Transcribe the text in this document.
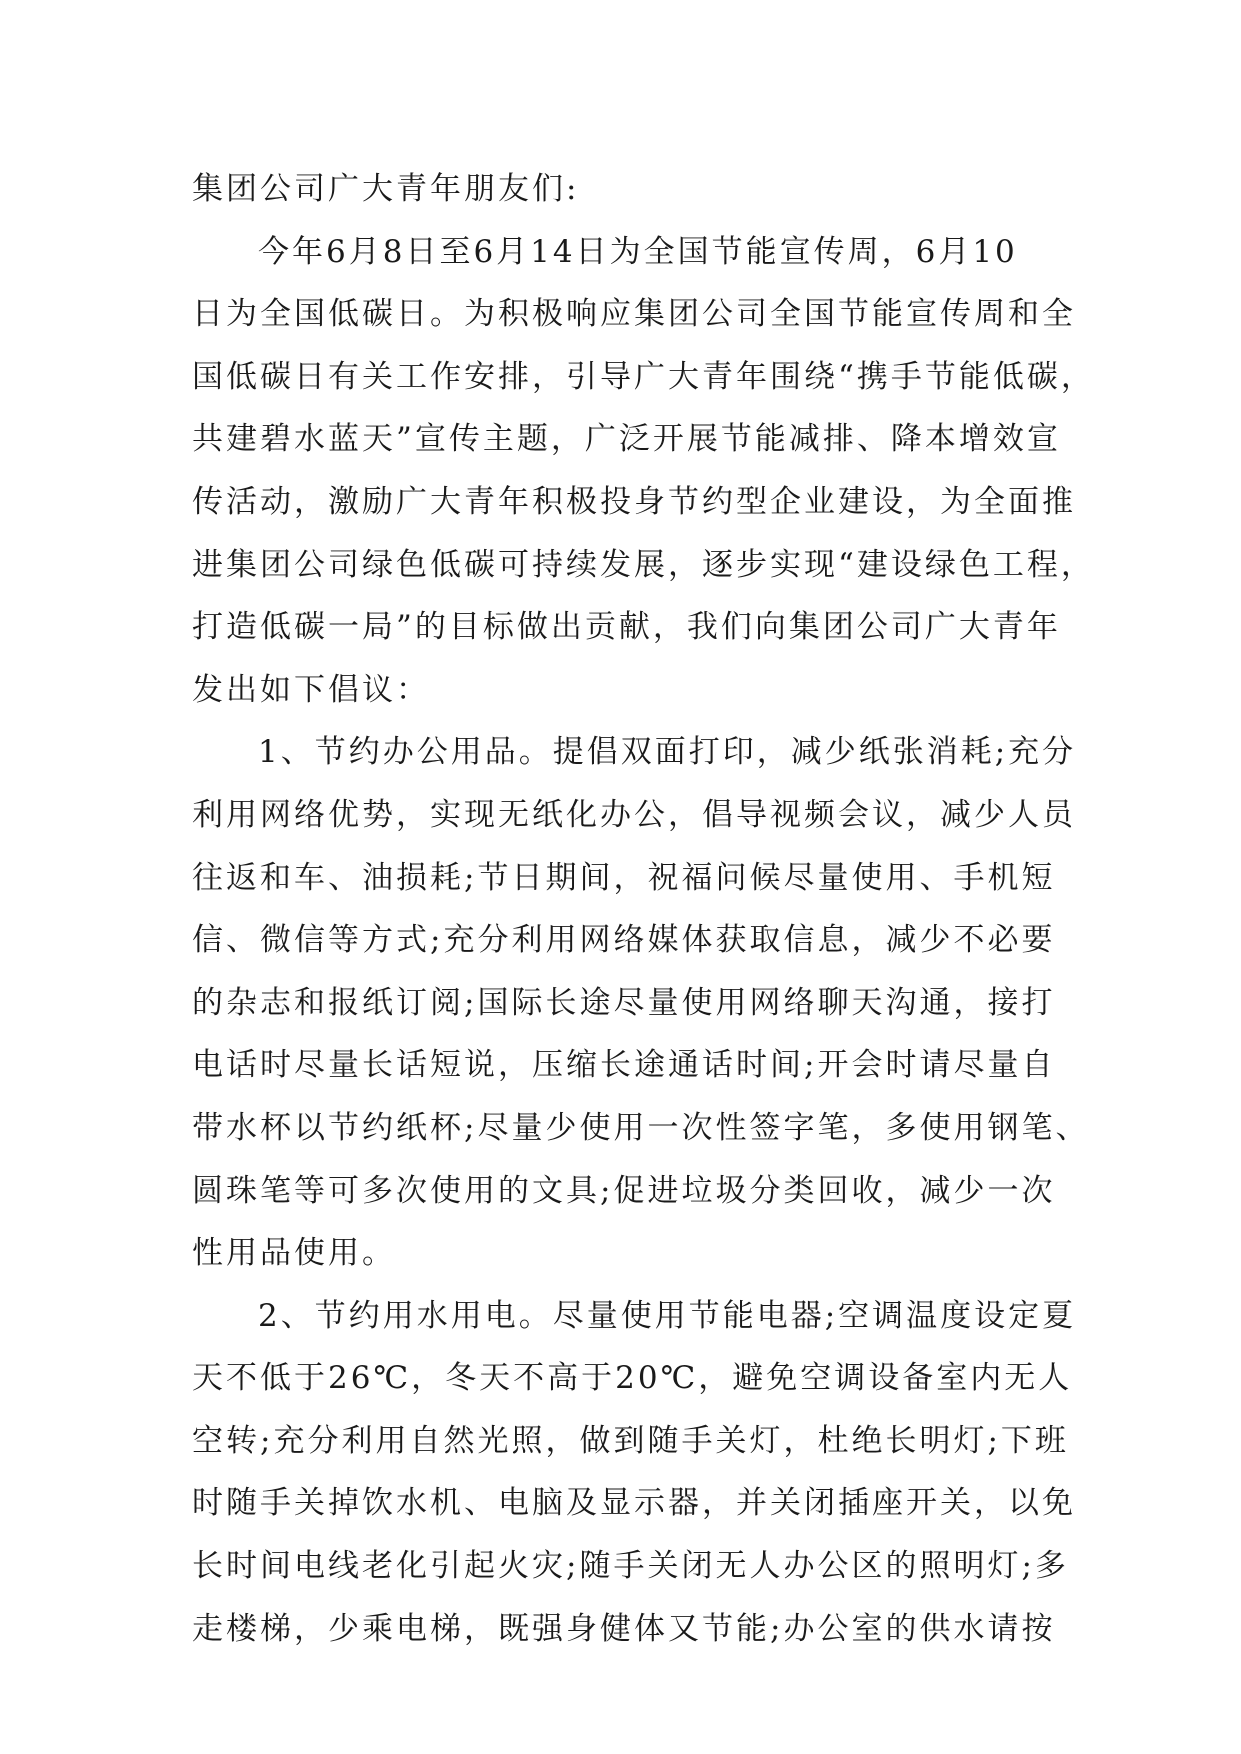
集团公司广大青年朋友们:
今年6月8日至6月14日为全国节能宣传周，6月10
日为全国低碳日。为积极响应集团公司全国节能宣传周和全
国低碳日有关工作安排，引导广大青年围绕“携手节能低碳，
共建碧水蓝天”宣传主题，广泛开展节能减排、降本增效宣
传活动，激励广大青年积极投身节约型企业建设，为全面推
进集团公司绿色低碳可持续发展，逐步实现“建设绿色工程，
打造低碳一局”的目标做出贡献，我们向集团公司广大青年
发出如下倡议：
1、节约办公用品。提倡双面打印，减少纸张消耗;充分
利用网络优势，实现无纸化办公，倡导视频会议，减少人员
往返和车、油损耗;节日期间，祝福问候尽量使用、手机短
信、微信等方式;充分利用网络媒体获取信息，减少不必要
的杂志和报纸订阅;国际长途尽量使用网络聊天沟通，接打
电话时尽量长话短说，压缩长途通话时间;开会时请尽量自
带水杯以节约纸杯;尽量少使用一次性签字笔，多使用钢笔、
圆珠笔等可多次使用的文具;促进垃圾分类回收，减少一次
性用品使用。
2、节约用水用电。尽量使用节能电器;空调温度设定夏
天不低于26℃，冬天不高于20℃，避免空调设备室内无人
空转;充分利用自然光照，做到随手关灯，杜绝长明灯;下班
时随手关掉饮水机、电脑及显示器，并关闭插座开关，以免
长时间电线老化引起火灾;随手关闭无人办公区的照明灯;多
走楼梯，少乘电梯，既强身健体又节能;办公室的供水请按
